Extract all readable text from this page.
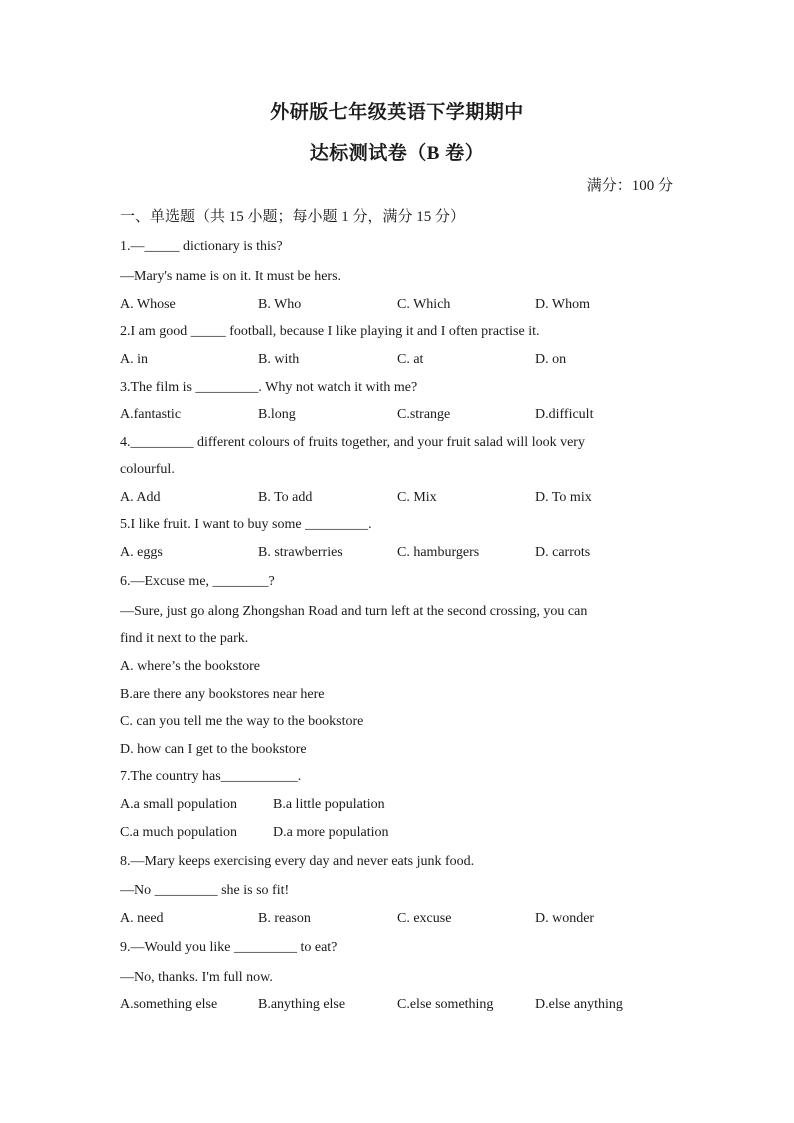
外研版七年级英语下学期期中
达标测试卷（B 卷）
满分：100 分
一、单选题（共 15 小题；每小题 1 分，满分 15 分）
1.—_____ dictionary is this?
—Mary's name is on it. It must be hers.
A. Whose	B. Who	C. Which	D. Whom
2.I am good _____ football, because I like playing it and I often practise it.
A. in	B. with	C. at	D. on
3.The film is _________. Why not watch it with me?
A.fantastic	B.long	C.strange	D.difficult
4._________ different colours of fruits together, and your fruit salad will look very
colourful.
A. Add	B. To add	C. Mix	D. To mix
5.I like fruit. I want to buy some _________.
A. eggs	B. strawberries	C. hamburgers	D. carrots
6.—Excuse me, ________?
—Sure, just go along Zhongshan Road and turn left at the second crossing, you can
find it next to the park.
A. where’s the bookstore
B.are there any bookstores near here
C. can you tell me the way to the bookstore
D. how can I get to the bookstore
7.The country has___________.
A.a small population	B.a little population
C.a much population	D.a more population
8.—Mary keeps exercising every day and never eats junk food.
—No _________ she is so fit!
A. need	B. reason	C. excuse	D. wonder
9.—Would you like _________ to eat?
—No, thanks. I'm full now.
A.something else	B.anything else	C.else something	D.else anything
